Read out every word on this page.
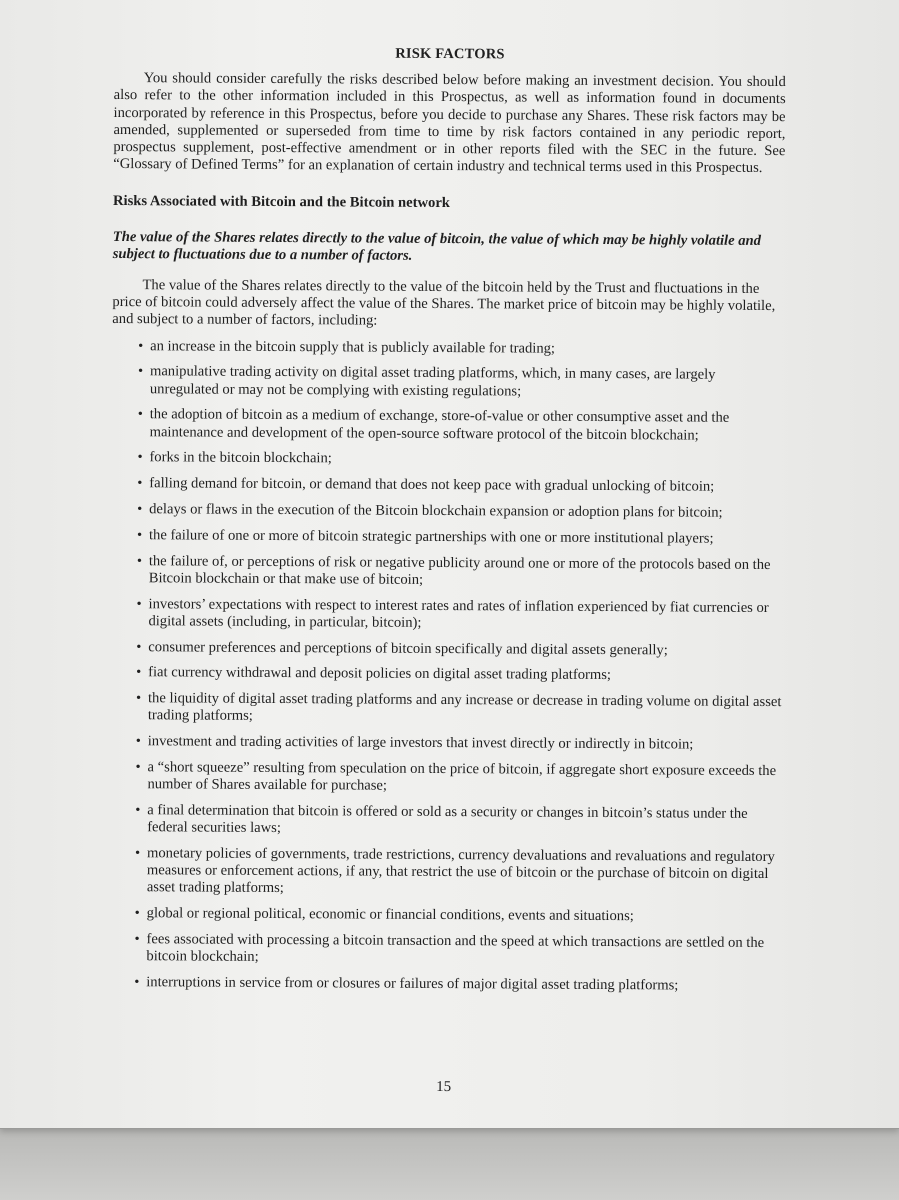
RISK FACTORS

You should consider carefully the risks described below before making an investment decision. You should also refer to the other information included in this Prospectus, as well as information found in documents incorporated by reference in this Prospectus, before you decide to purchase any Shares. These risk factors may be amended, supplemented or superseded from time to time by risk factors contained in any periodic report, prospectus supplement, post-effective amendment or in other reports filed with the SEC in the future. See “Glossary of Defined Terms” for an explanation of certain industry and technical terms used in this Prospectus.

Risks Associated with Bitcoin and the Bitcoin network
The value of the Shares relates directly to the value of bitcoin, the value of which may be highly volatile and subject to fluctuations due to a number of factors.

The value of the Shares relates directly to the value of the bitcoin held by the Trust and fluctuations in the price of bitcoin could adversely affect the value of the Shares. The market price of bitcoin may be highly volatile, and subject to a number of factors, including:

• an increase in the bitcoin supply that is publicly available for trading;
• manipulative trading activity on digital asset trading platforms, which, in many cases, are largely unregulated or may not be complying with existing regulations;
• the adoption of bitcoin as a medium of exchange, store-of-value or other consumptive asset and the maintenance and development of the open-source software protocol of the bitcoin blockchain;
• forks in the bitcoin blockchain;
• falling demand for bitcoin, or demand that does not keep pace with gradual unlocking of bitcoin;
• delays or flaws in the execution of the Bitcoin blockchain expansion or adoption plans for bitcoin;
• the failure of one or more of bitcoin strategic partnerships with one or more institutional players;
• the failure of, or perceptions of risk or negative publicity around one or more of the protocols based on the Bitcoin blockchain or that make use of bitcoin;
• investors’ expectations with respect to interest rates and rates of inflation experienced by fiat currencies or digital assets (including, in particular, bitcoin);
• consumer preferences and perceptions of bitcoin specifically and digital assets generally;
• fiat currency withdrawal and deposit policies on digital asset trading platforms;
• the liquidity of digital asset trading platforms and any increase or decrease in trading volume on digital asset trading platforms;
• investment and trading activities of large investors that invest directly or indirectly in bitcoin;
• a “short squeeze” resulting from speculation on the price of bitcoin, if aggregate short exposure exceeds the number of Shares available for purchase;
• a final determination that bitcoin is offered or sold as a security or changes in bitcoin’s status under the federal securities laws;
• monetary policies of governments, trade restrictions, currency devaluations and revaluations and regulatory measures or enforcement actions, if any, that restrict the use of bitcoin or the purchase of bitcoin on digital asset trading platforms;
• global or regional political, economic or financial conditions, events and situations;
• fees associated with processing a bitcoin transaction and the speed at which transactions are settled on the bitcoin blockchain;
• interruptions in service from or closures or failures of major digital asset trading platforms;
15
